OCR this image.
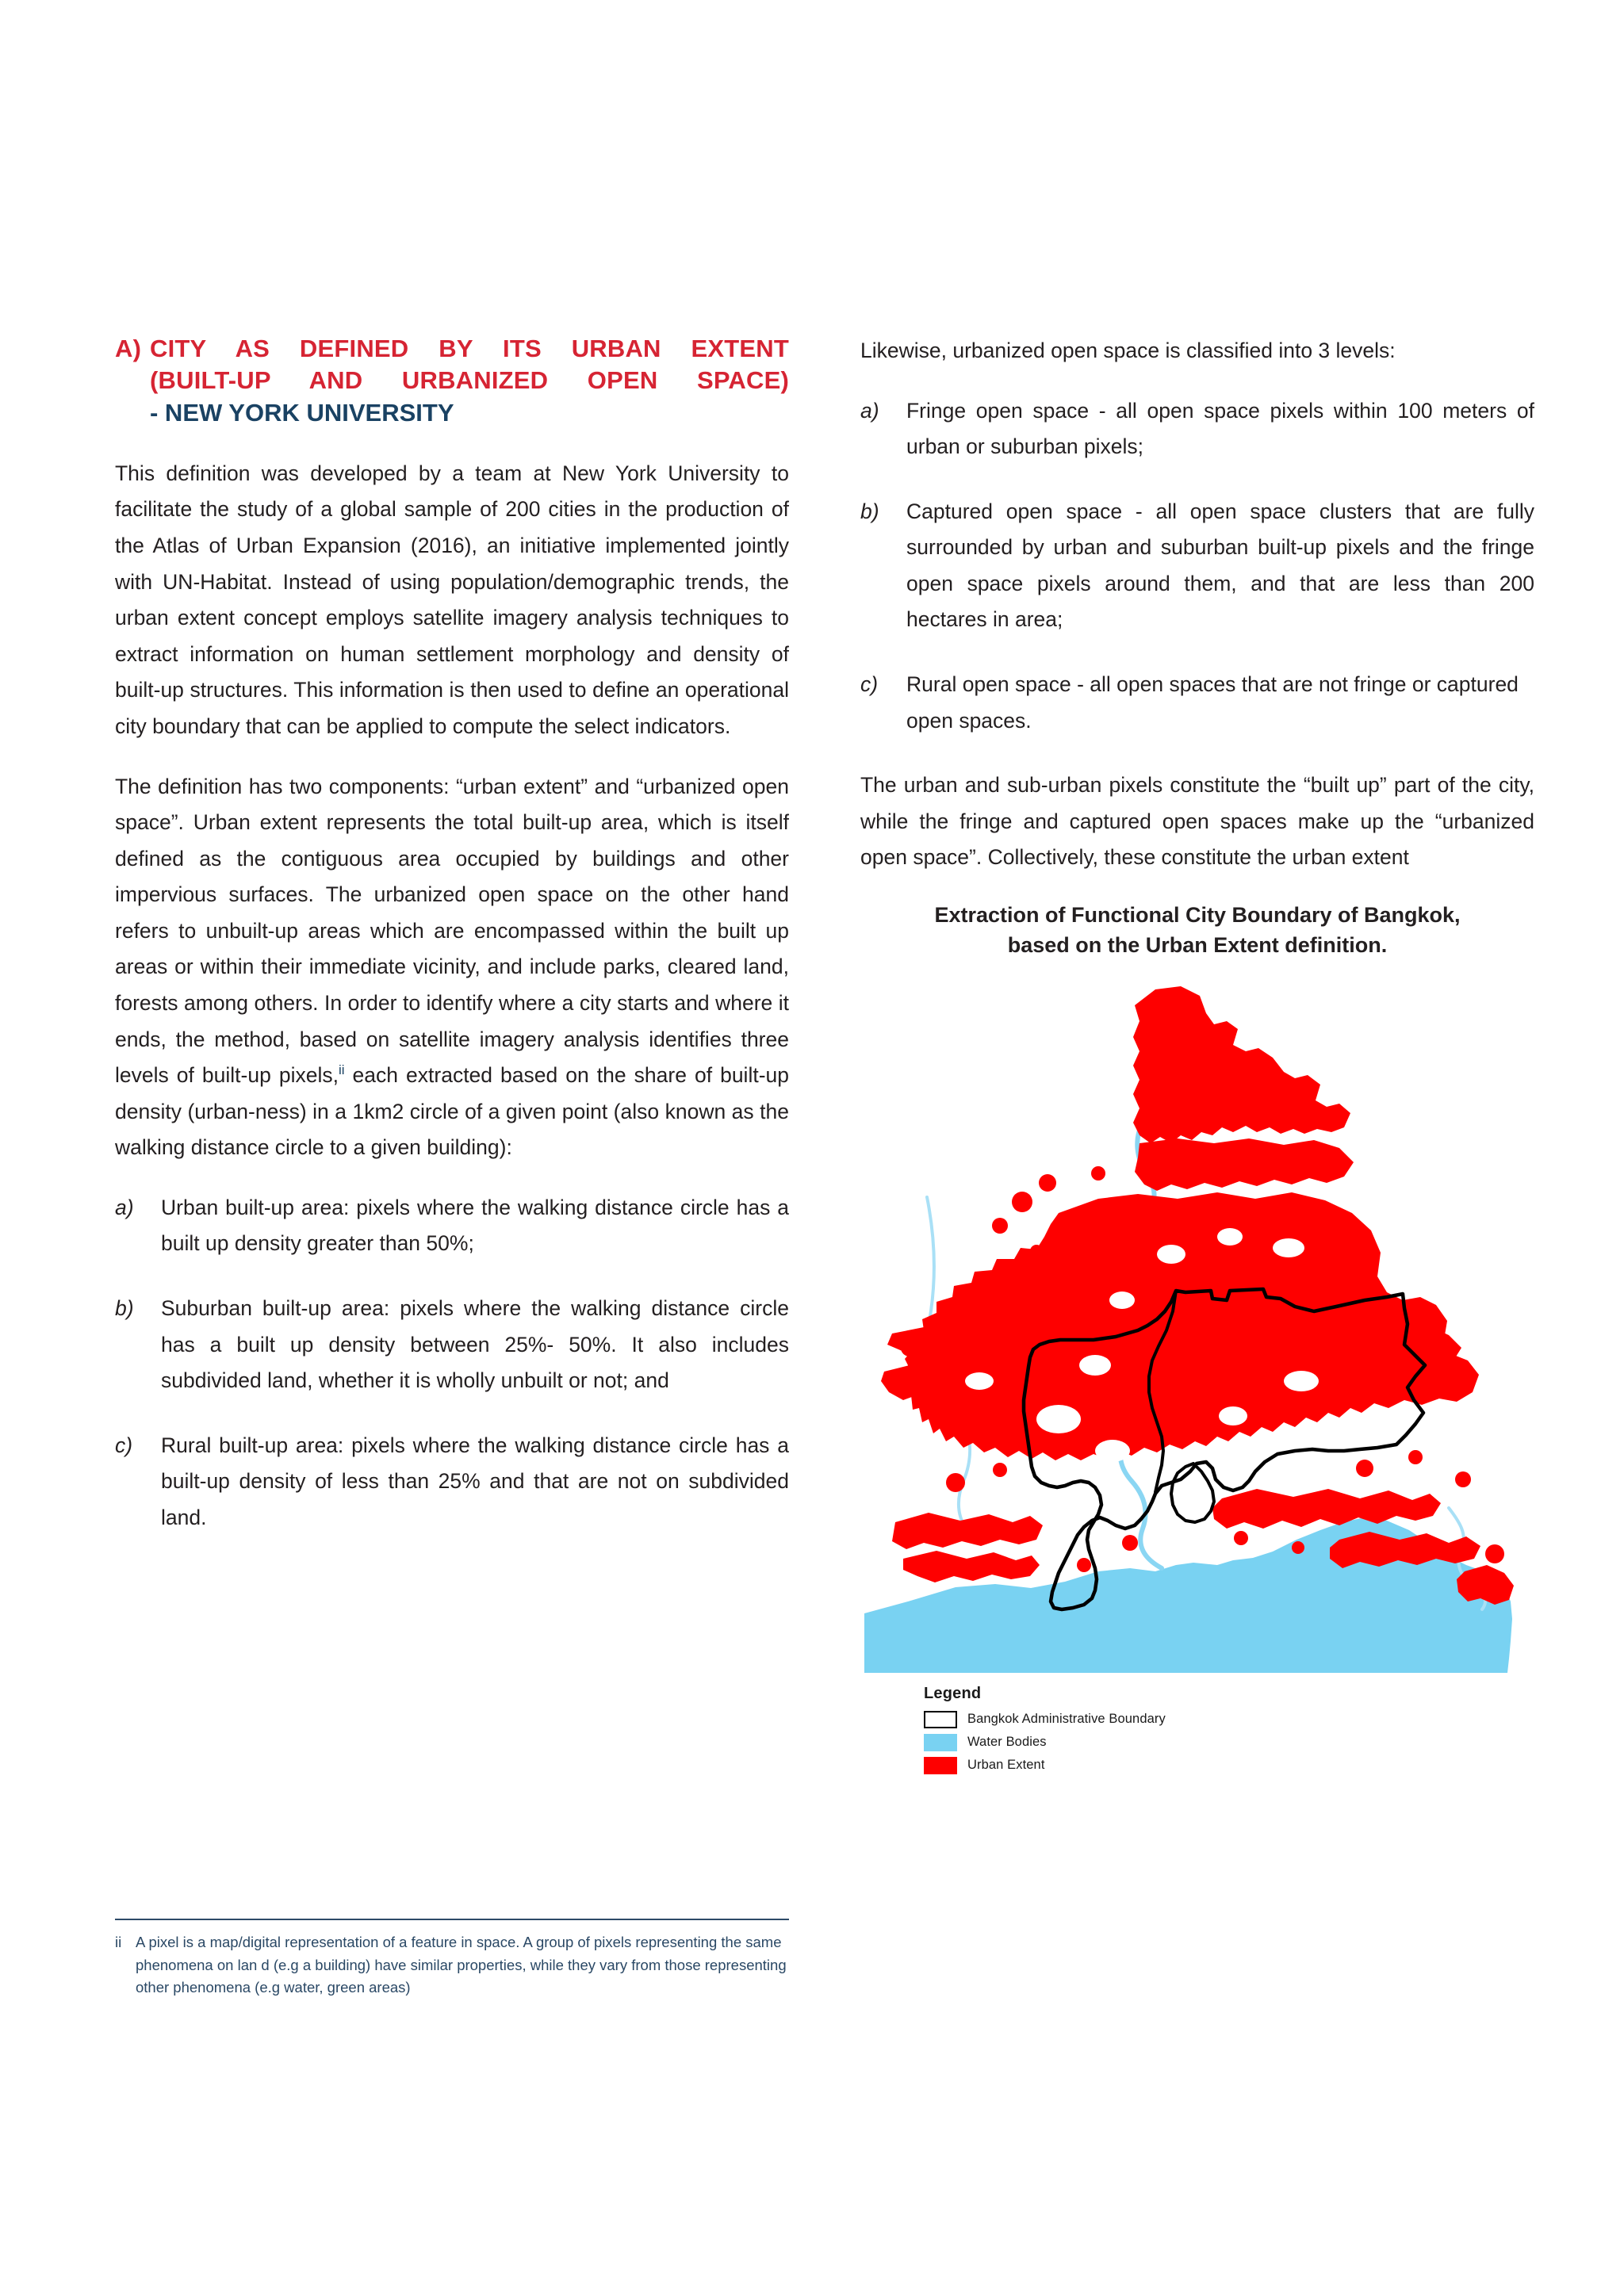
A) CITY AS DEFINED BY ITS URBAN EXTENT
(BUILT-UP AND URBANIZED OPEN SPACE)
- NEW YORK UNIVERSITY

This definition was developed by a team at New York University to facilitate the study of a global sample of 200 cities in the production of the Atlas of Urban Expansion (2016), an initiative implemented jointly with UN-Habitat. Instead of using population/demographic trends, the urban extent concept employs satellite imagery analysis techniques to extract information on human settlement morphology and density of built-up structures. This information is then used to define an operational city boundary that can be applied to compute the select indicators.

The definition has two components: “urban extent” and “urbanized open space”. Urban extent represents the total built-up area, which is itself defined as the contiguous area occupied by buildings and other impervious surfaces. The urbanized open space on the other hand refers to unbuilt-up areas which are encompassed within the built up areas or within their immediate vicinity, and include parks, cleared land, forests among others. In order to identify where a city starts and where it ends, the method, based on satellite imagery analysis identifies three levels of built-up pixels,$^{ii}$ each extracted based on the share of built-up density (urban-ness) in a 1km2 circle of a given point (also known as the walking distance circle to a given building):

a)	Urban built-up area: pixels where the walking distance circle has a built up density greater than 50%;
b)	Suburban built-up area: pixels where the walking distance circle has a built up density between 25%- 50%. It also includes subdivided land, whether it is wholly unbuilt or not; and
c)	Rural built-up area: pixels where the walking distance circle has a built-up density of less than 25% and that are not on subdivided land.
ii A pixel is a map/digital representation of a feature in space. A group of pixels representing the same phenomena on lan d (e.g a building) have similar properties, while they vary from those representing other phenomena (e.g water, green areas)

Likewise, urbanized open space is classified into 3 levels:

a)	Fringe open space - all open space pixels within 100 meters of urban or suburban pixels;
b)	Captured open space - all open space clusters that are fully surrounded by urban and suburban built-up pixels and the fringe open space pixels around them, and that are less than 200 hectares in area;
c)	Rural open space - all open spaces that are not fringe or captured open spaces.

The urban and sub-urban pixels constitute the “built up” part of the city, while the fringe and captured open spaces make up the “urbanized open space”. Collectively, these constitute the urban extent

Extraction of Functional City Boundary of Bangkok,
based on the Urban Extent definition.
Legend
Bangkok Administrative Boundary
Water Bodies
Urban Extent
